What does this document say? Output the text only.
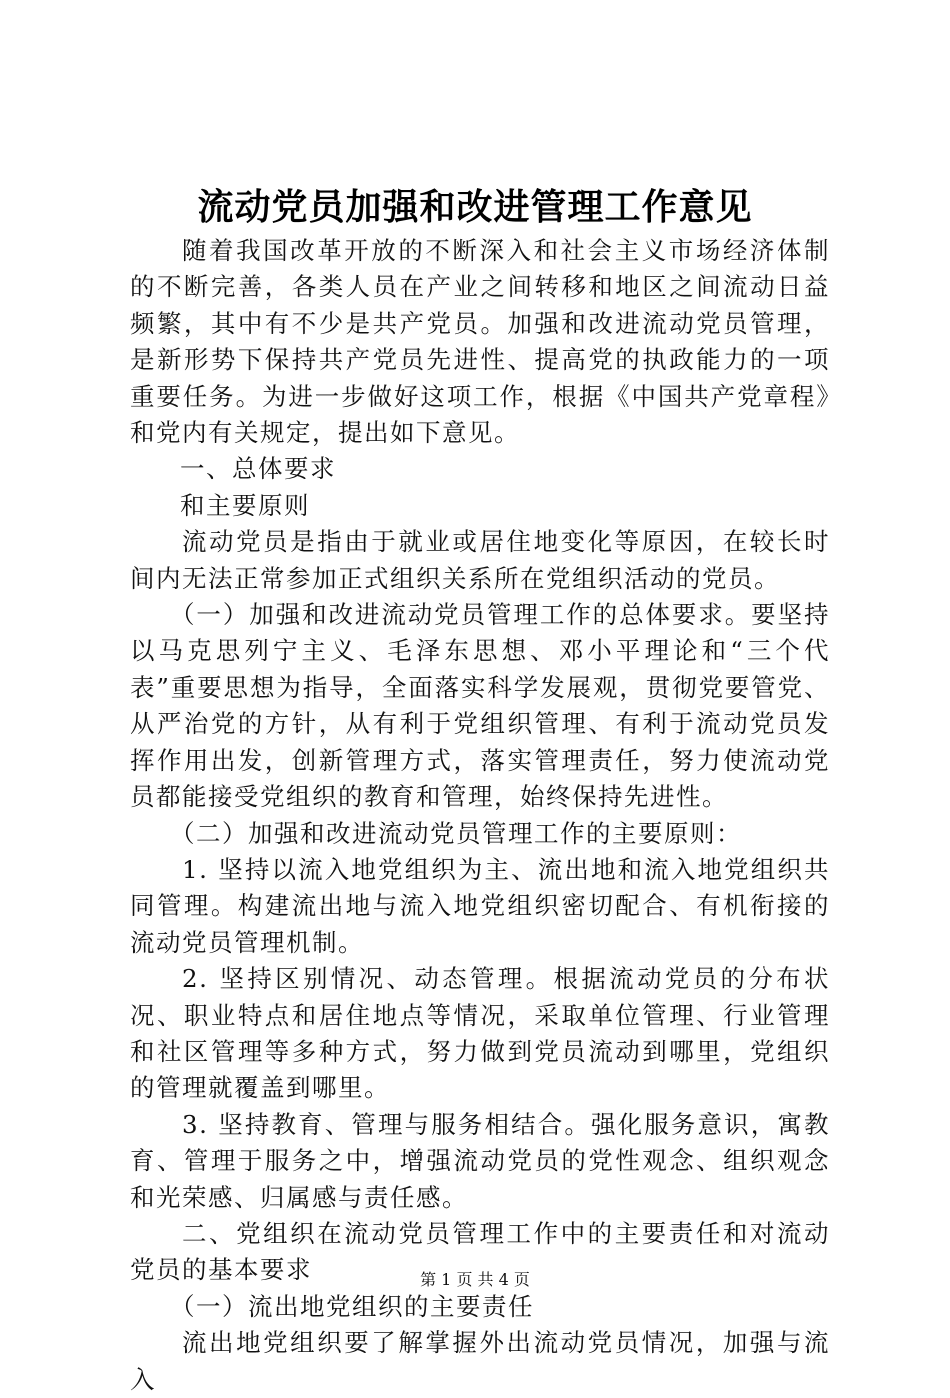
流动党员加强和改进管理工作意见

随着我国改革开放的不断深入和社会主义市场经济体制的不断完善，各类人员在产业之间转移和地区之间流动日益频繁，其中有不少是共产党员。加强和改进流动党员管理，是新形势下保持共产党员先进性、提高党的执政能力的一项重要任务。为进一步做好这项工作，根据《中国共产党章程》和党内有关规定，提出如下意见。

一、总体要求

和主要原则

流动党员是指由于就业或居住地变化等原因，在较长时间内无法正常参加正式组织关系所在党组织活动的党员。

（一）加强和改进流动党员管理工作的总体要求。要坚持以马克思列宁主义、毛泽东思想、邓小平理论和“三个代表”重要思想为指导，全面落实科学发展观，贯彻党要管党、从严治党的方针，从有利于党组织管理、有利于流动党员发挥作用出发，创新管理方式，落实管理责任，努力使流动党员都能接受党组织的教育和管理，始终保持先进性。

（二）加强和改进流动党员管理工作的主要原则：

1. 坚持以流入地党组织为主、流出地和流入地党组织共同管理。构建流出地与流入地党组织密切配合、有机衔接的流动党员管理机制。

2. 坚持区别情况、动态管理。根据流动党员的分布状况、职业特点和居住地点等情况，采取单位管理、行业管理和社区管理等多种方式，努力做到党员流动到哪里，党组织的管理就覆盖到哪里。

3. 坚持教育、管理与服务相结合。强化服务意识，寓教育、管理于服务之中，增强流动党员的党性观念、组织观念和光荣感、归属感与责任感。

二、党组织在流动党员管理工作中的主要责任和对流动党员的基本要求

（一）流出地党组织的主要责任

流出地党组织要了解掌握外出流动党员情况，加强与流入

第 1 页 共 4 页
